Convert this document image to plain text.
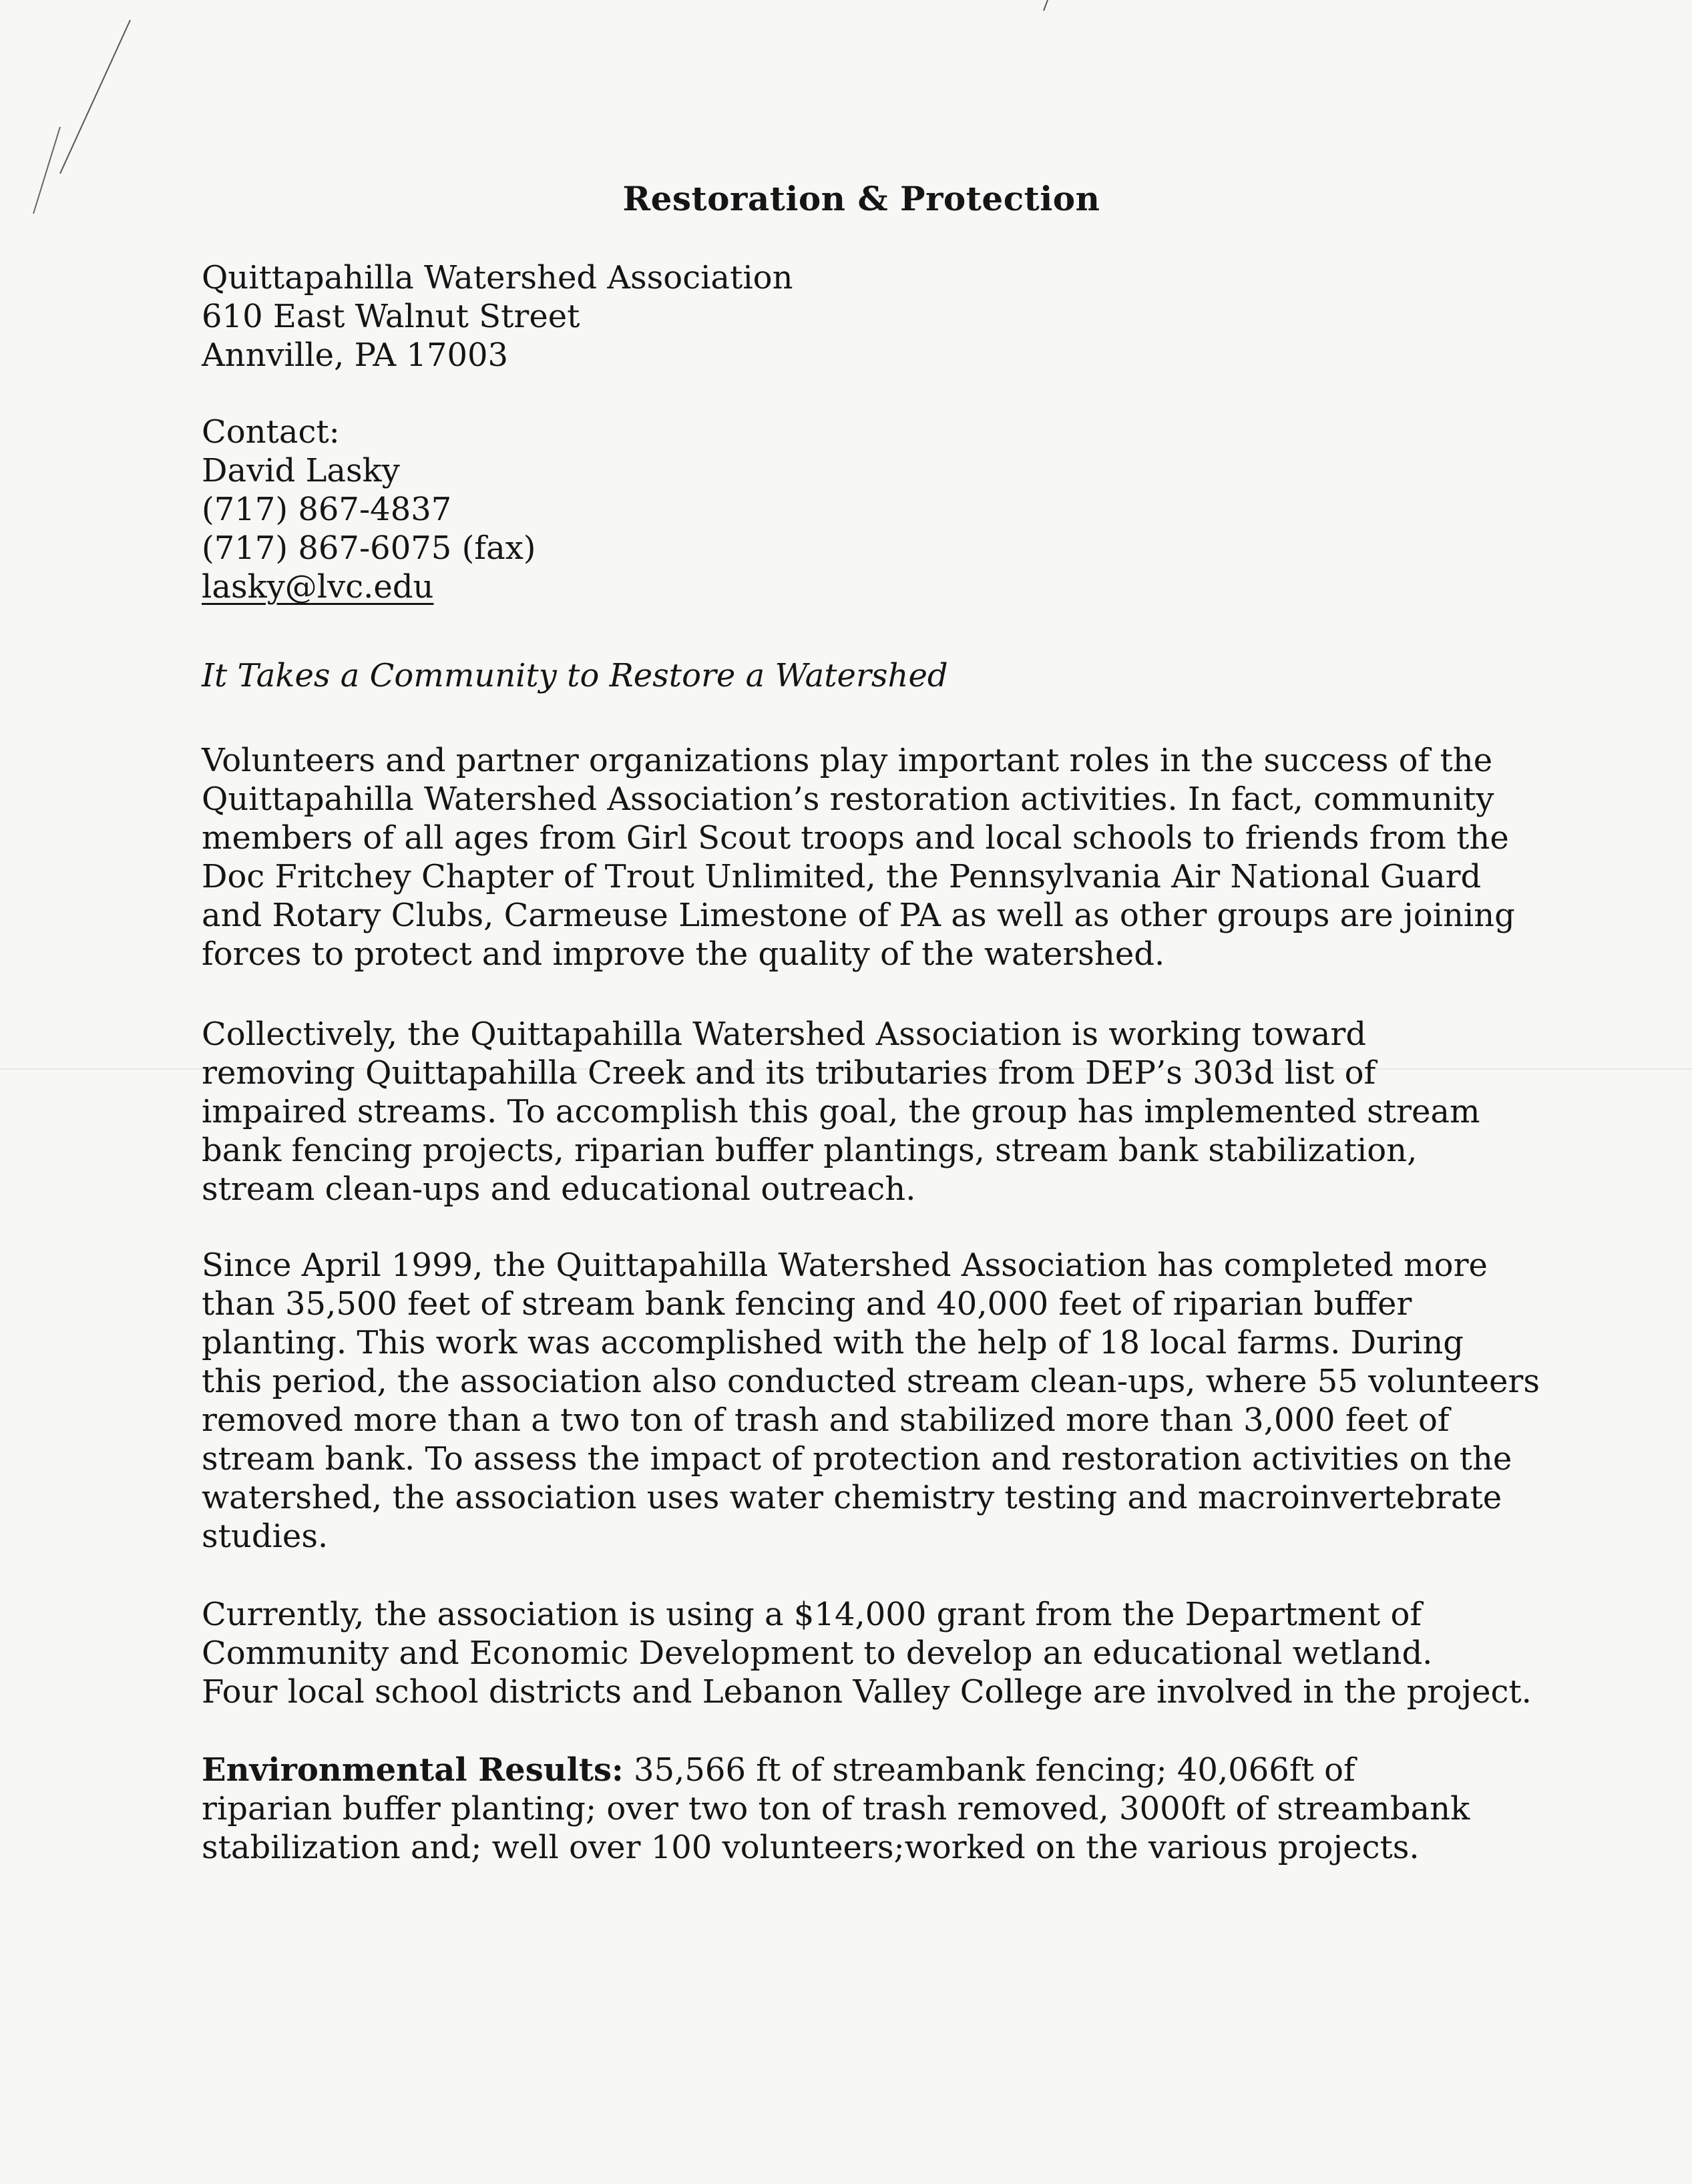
Restoration & Protection
Quittapahilla Watershed Association
610 East Walnut Street
Annville, PA 17003
Contact:
David Lasky
(717) 867-4837
(717) 867-6075 (fax)
lasky@lvc.edu
It Takes a Community to Restore a Watershed
Volunteers and partner organizations play important roles in the success of the
Quittapahilla Watershed Association’s restoration activities. In fact, community
members of all ages from Girl Scout troops and local schools to friends from the
Doc Fritchey Chapter of Trout Unlimited, the Pennsylvania Air National Guard
and Rotary Clubs, Carmeuse Limestone of PA as well as other groups are joining
forces to protect and improve the quality of the watershed.
Collectively, the Quittapahilla Watershed Association is working toward
removing Quittapahilla Creek and its tributaries from DEP’s 303d list of
impaired streams. To accomplish this goal, the group has implemented stream
bank fencing projects, riparian buffer plantings, stream bank stabilization,
stream clean-ups and educational outreach.
Since April 1999, the Quittapahilla Watershed Association has completed more
than 35,500 feet of stream bank fencing and 40,000 feet of riparian buffer
planting. This work was accomplished with the help of 18 local farms. During
this period, the association also conducted stream clean-ups, where 55 volunteers
removed more than a two ton of trash and stabilized more than 3,000 feet of
stream bank. To assess the impact of protection and restoration activities on the
watershed, the association uses water chemistry testing and macroinvertebrate
studies.
Currently, the association is using a $14,000 grant from the Department of
Community and Economic Development to develop an educational wetland.
Four local school districts and Lebanon Valley College are involved in the project.
Environmental Results: 35,566 ft of streambank fencing; 40,066ft of
riparian buffer planting; over two ton of trash removed, 3000ft of streambank
stabilization and; well over 100 volunteers;worked on the various projects.
